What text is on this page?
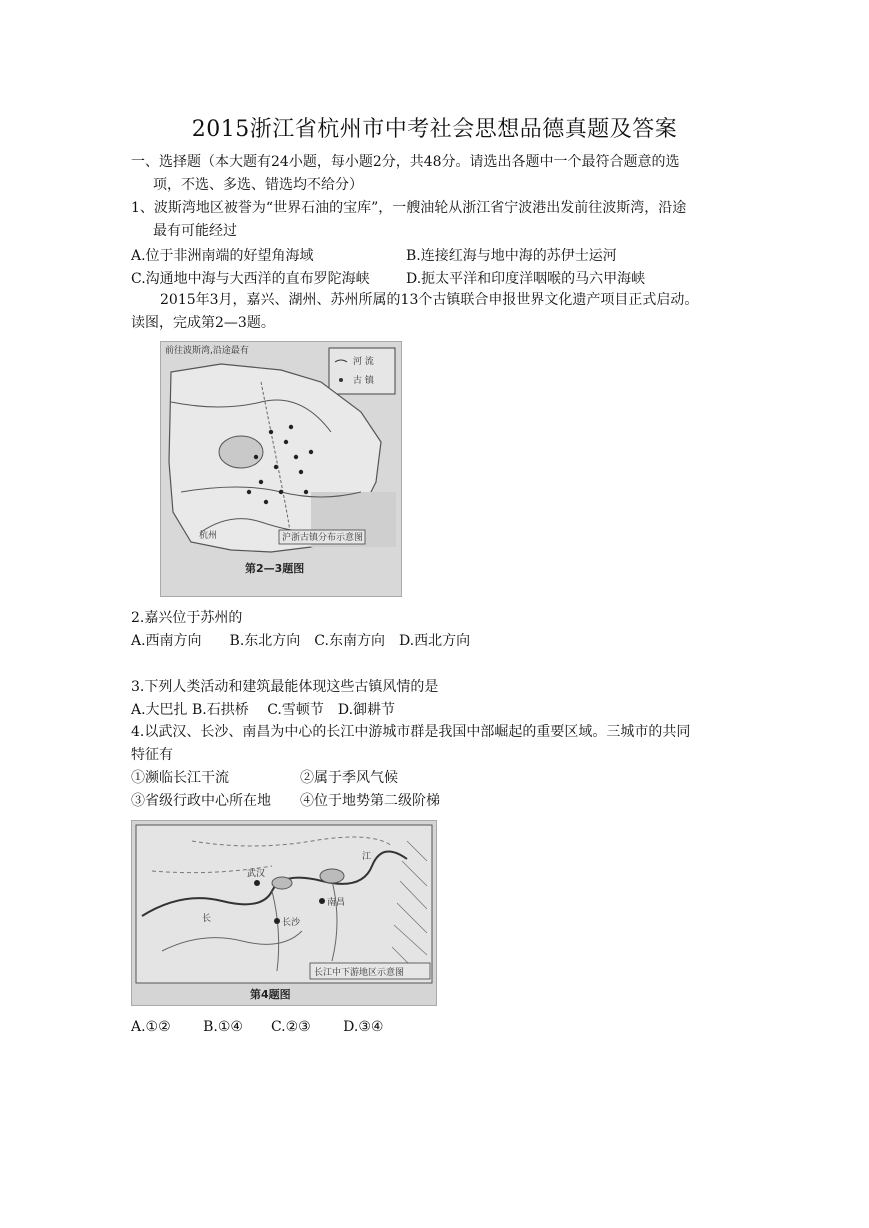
2015浙江省杭州市中考社会思想品德真题及答案
一、选择题（本大题有24小题，每小题2分，共48分。请选出各题中一个最符合题意的选
项，不选、多选、错选均不给分）
1、波斯湾地区被誉为“世界石油的宝库”，一艘油轮从浙江省宁波港出发前往波斯湾，沿途
最有可能经过
A.位于非洲南端的好望角海域	B.连接红海与地中海的苏伊士运河
C.沟通地中海与大西洋的直布罗陀海峡	D.扼太平洋和印度洋咽喉的马六甲海峡
2015年3月，嘉兴、湖州、苏州所属的13个古镇联合申报世界文化遗产项目正式启动。
读图，完成第2—3题。
前往波斯湾,沿途最有
河 流
古 镇
杭州	沪浙古镇分布示意图
第2—3题图
2.嘉兴位于苏州的
A.西南方向　　B.东北方向　C.东南方向　D.西北方向
3.下列人类活动和建筑最能体现这些古镇风情的是
A.大巴扎 B.石拱桥　 C.雪顿节　D.御耕节
4.以武汉、长沙、南昌为中心的长江中游城市群是我国中部崛起的重要区域。三城市的共同
特征有
①濒临长江干流	②属于季风气候
③省级行政中心所在地 ④位于地势第二级阶梯
武汉
长沙
南昌
长
江
长江中下游地区示意图
第4题图
A.①②　　 B.①④　　C.②③　　 D.③④
